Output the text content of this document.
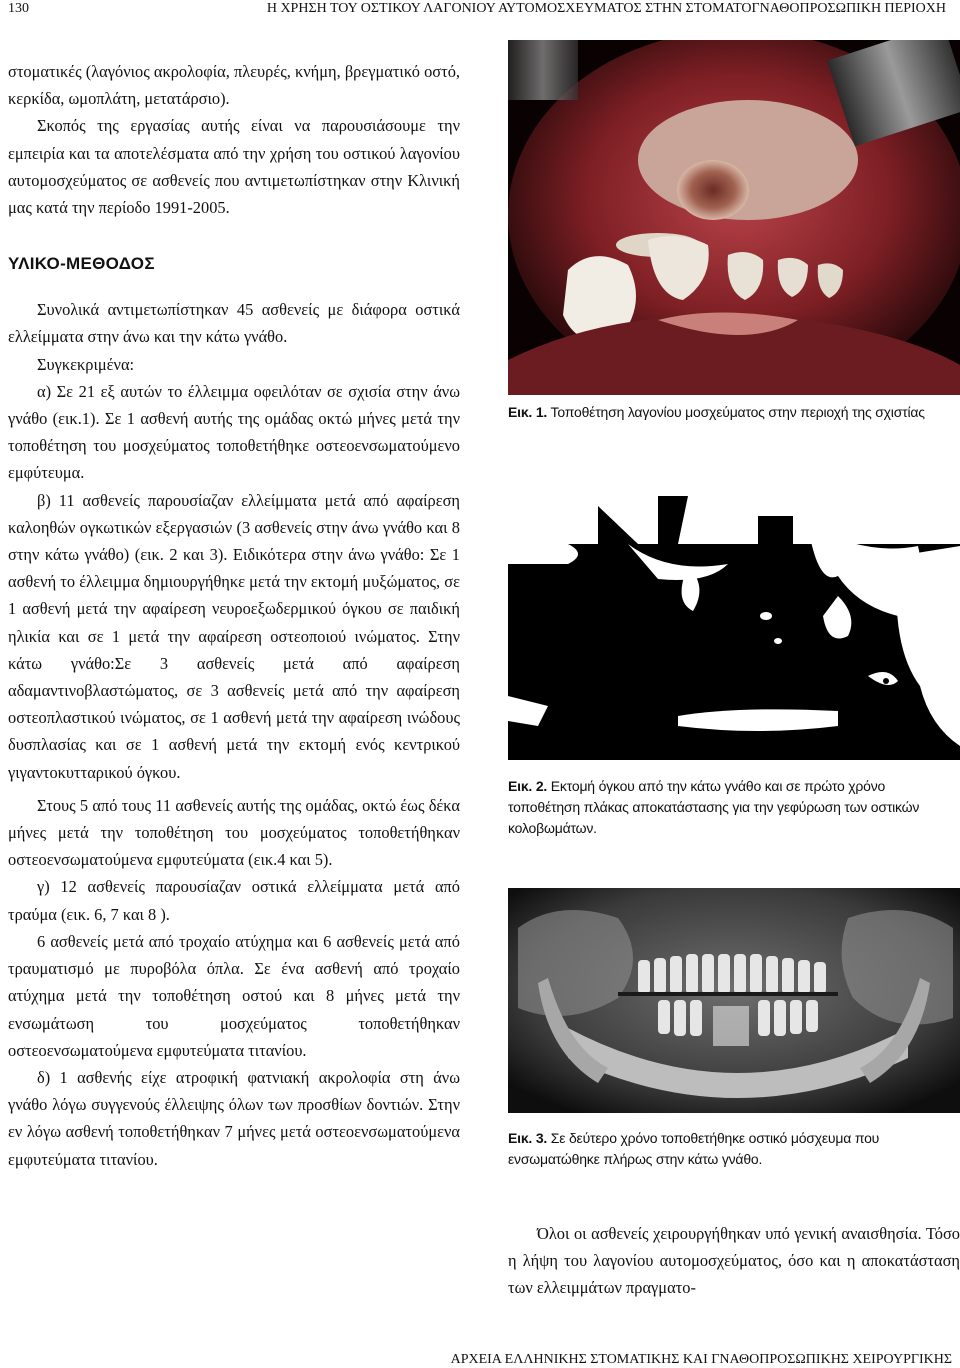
130	Η ΧΡΗΣΗ ΤΟΥ ΟΣΤΙΚΟΥ ΛΑΓΟΝΙΟΥ ΑΥΤΟΜΟΣΧΕΥΜΑΤΟΣ ΣΤΗΝ ΣΤΟΜΑΤΟΓΝΑΘΟΠΡΟΣΩΠΙΚΗ ΠΕΡΙΟΧΗ

στοματικές (λαγόνιος ακρολοφία, πλευρές, κνήμη, βρεγματικό οστό, κερκίδα, ωμοπλάτη, μετατάρσιο).

Σκοπός της εργασίας αυτής είναι να παρουσιάσουμε την εμπειρία και τα αποτελέσματα από την χρήση του οστικού λαγονίου αυτομοσχεύματος σε ασθενείς που αντιμετωπίστηκαν στην Κλινική μας κατά την περίοδο 1991-2005.

ΥΛΙΚΟ-ΜΕΘΟΔΟΣ

Συνολικά αντιμετωπίστηκαν 45 ασθενείς με διάφορα οστικά ελλείμματα στην άνω και την κάτω γνάθο.

Συγκεκριμένα:

α) Σε 21 εξ αυτών το έλλειμμα οφειλόταν σε σχισία στην άνω γνάθο (εικ.1). Σε 1 ασθενή αυτής της ομάδας οκτώ μήνες μετά την τοποθέτηση του μοσχεύματος τοποθετήθηκε οστεοενσωματούμενο εμφύτευμα.

β) 11 ασθενείς παρουσίαζαν ελλείμματα μετά από αφαίρεση καλοηθών ογκωτικών εξεργασιών (3 ασθενείς στην άνω γνάθο και 8 στην κάτω γνάθο) (εικ. 2 και 3). Ειδικότερα στην άνω γνάθο: Σε 1 ασθενή το έλλειμμα δημιουργήθηκε μετά την εκτομή μυξώματος, σε 1 ασθενή μετά την αφαίρεση νευροεξωδερμικού όγκου σε παιδική ηλικία και σε 1 μετά την αφαίρεση οστεοποιού ινώματος. Στην κάτω γνάθο:Σε 3 ασθενείς μετά από αφαίρεση αδαμαντινοβλαστώματος, σε 3 ασθενείς μετά από την αφαίρεση οστεοπλαστικού ινώματος, σε 1 ασθενή μετά την αφαίρεση ινώδους δυσπλασίας και σε 1 ασθενή μετά την εκτομή ενός κεντρικού γιγαντοκυτταρικού όγκου.

Στους 5 από τους 11 ασθενείς αυτής της ομάδας, οκτώ έως δέκα μήνες μετά την τοποθέτηση του μοσχεύματος τοποθετήθηκαν οστεοενσωματούμενα εμφυτεύματα (εικ.4 και 5).

γ) 12 ασθενείς παρουσίαζαν οστικά ελλείμματα μετά από τραύμα (εικ. 6, 7 και 8 ).

6 ασθενείς μετά από τροχαίο ατύχημα και 6 ασθενείς μετά από τραυματισμό με πυροβόλα όπλα. Σε ένα ασθενή από τροχαίο ατύχημα μετά την τοποθέτηση οστού και 8 μήνες μετά την ενσωμάτωση του μοσχεύματος τοποθετήθηκαν οστεοενσωματούμενα εμφυτεύματα τιτανίου.

δ) 1 ασθενής είχε ατροφική φατνιακή ακρολοφία στη άνω γνάθο λόγω συγγενούς έλλειψης όλων των προσθίων δοντιών. Στην εν λόγω ασθενή τοποθετήθηκαν 7 μήνες μετά οστεοενσωματούμενα εμφυτεύματα τιτανίου.

Εικ. 1. Τοποθέτηση λαγονίου μοσχεύματος στην περιοχή της σχιστίας

Εικ. 2. Εκτομή όγκου από την κάτω γνάθο και σε πρώτο χρόνο τοποθέτηση πλάκας αποκατάστασης για την γεφύρωση των οστικών κολοβωμάτων.

Εικ. 3. Σε δεύτερο χρόνο τοποθετήθηκε οστικό μόσχευμα που ενσωματώθηκε πλήρως στην κάτω γνάθο.

Όλοι οι ασθενείς χειρουργήθηκαν υπό γενική αναισθησία. Τόσο η λήψη του λαγονίου αυτομοσχεύματος, όσο και η αποκατάσταση των ελλειμμάτων πραγματο-

ΑΡΧΕΙΑ ΕΛΛΗΝΙΚΗΣ ΣΤΟΜΑΤΙΚΗΣ ΚΑΙ ΓΝΑΘΟΠΡΟΣΩΠΙΚΗΣ ΧΕΙΡΟΥΡΓΙΚΗΣ
